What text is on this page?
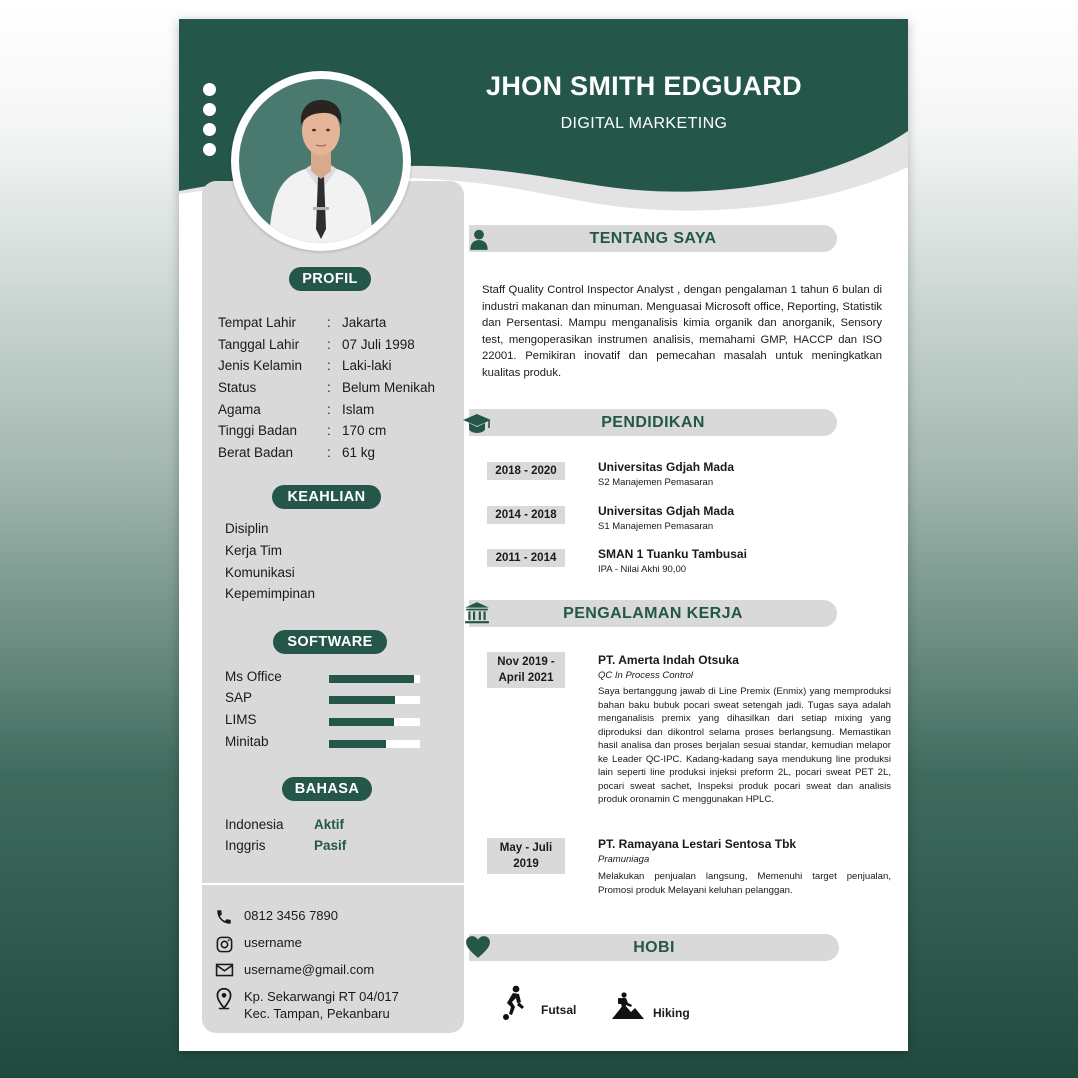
JHON SMITH EDGUARD
DIGITAL MARKETING
PROFIL
Tempat Lahir : Jakarta
Tanggal Lahir : 07 Juli 1998
Jenis Kelamin : Laki-laki
Status	: Belum Menikah
Agama	: Islam
Tinggi Badan : 170 cm
Berat Badan	: 61 kg
KEAHLIAN
Disiplin
Kerja Tim
Komunikasi
Kepemimpinan
SOFTWARE
Ms Office
SAP
LIMS
Minitab
BAHASA
Indonesia Aktif
Inggris	Pasif
0812 3456 7890
username
username@gmail.com
Kp. Sekarwangi RT 04/017
Kec. Tampan, Pekanbaru
TENTANG SAYA
Staff Quality Control Inspector Analyst , dengan pengalaman 1 tahun 6 bulan di industri makanan dan minuman. Menguasai Microsoft office, Reporting, Statistik dan Persentasi. Mampu menganalisis kimia organik dan anorganik, Sensory test, mengoperasikan instrumen analisis, memahami GMP, HACCP dan ISO 22001. Pemikiran inovatif dan pemecahan masalah untuk meningkatkan kualitas produk.
PENDIDIKAN
2018 - 2020	Universitas Gdjah Mada
S2 Manajemen Pemasaran
2014 - 2018	Universitas Gdjah Mada
S1 Manajemen Pemasaran
2011 - 2014	SMAN 1 Tuanku Tambusai
IPA - Nilai Akhi 90,00
PENGALAMAN KERJA
Nov 2019 -
April 2021
PT. Amerta Indah Otsuka
QC In Process Control
Saya bertanggung jawab di Line Premix (Enmix) yang memproduksi bahan baku bubuk pocari sweat setengah jadi. Tugas saya adalah menganalisis premix yang dihasilkan dari setiap mixing yang diproduksi dan dikontrol selama proses berlangsung. Memastikan hasil analisa dan proses berjalan sesuai standar, kemudian melapor ke Leader QC-IPC. Kadang-kadang saya mendukung line produksi lain seperti line produksi injeksi preform 2L, pocari sweat PET 2L, pocari sweat sachet, Inspeksi produk pocari sweat dan analisis produk oronamin C menggunakan HPLC.
May - Juli
2019
PT. Ramayana Lestari Sentosa Tbk
Pramuniaga
Melakukan penjualan langsung, Memenuhi target penjualan, Promosi produk Melayani keluhan pelanggan.
HOBI
Futsal	Hiking
